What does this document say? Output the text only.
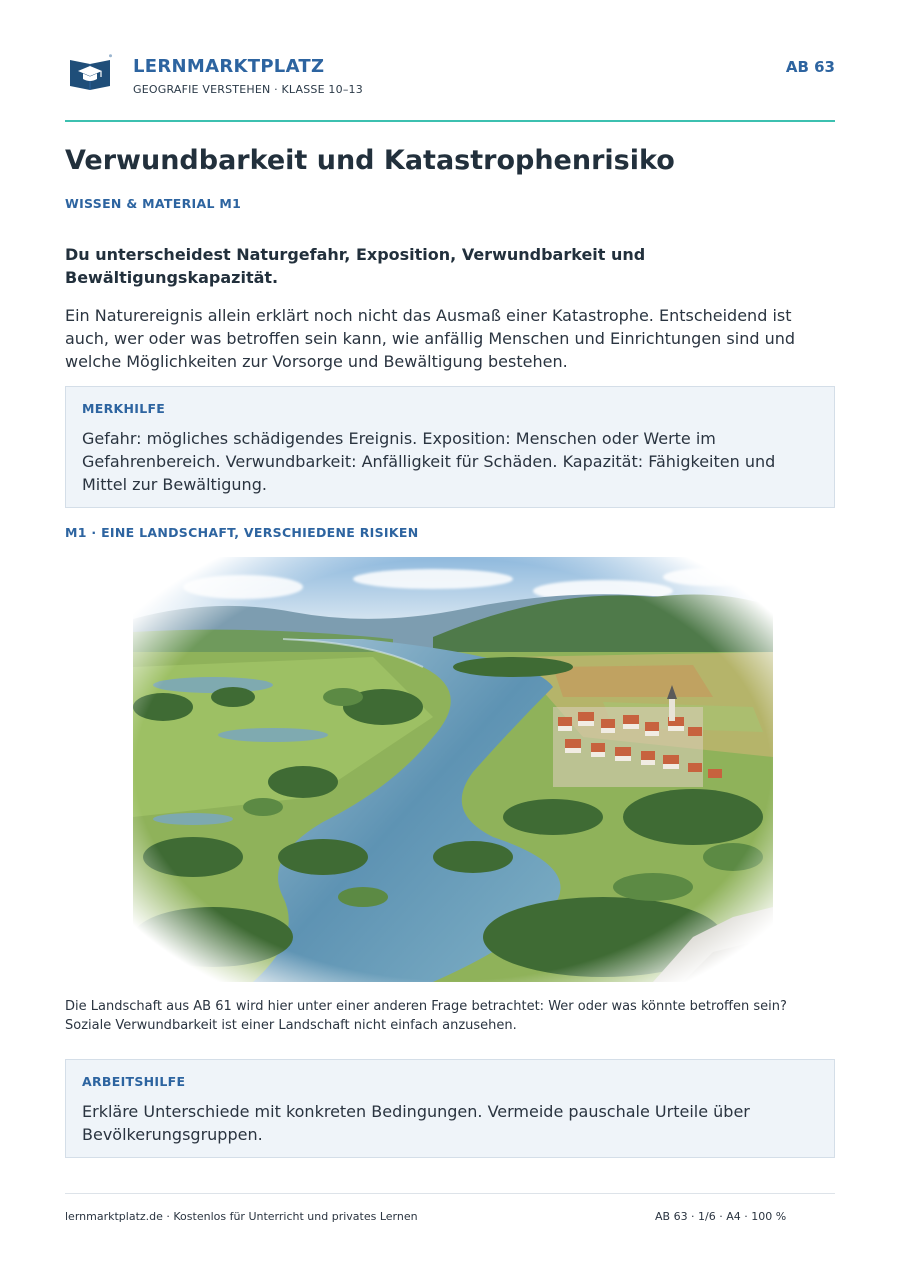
LERNMARKTPLATZ
GEOGRAFIE VERSTEHEN · KLASSE 10–13
AB 63
Verwundbarkeit und Katastrophenrisiko
WISSEN & MATERIAL M1
Du unterscheidest Naturgefahr, Exposition, Verwundbarkeit und Bewältigungskapazität.
Ein Naturereignis allein erklärt noch nicht das Ausmaß einer Katastrophe. Entscheidend ist auch, wer oder was betroffen sein kann, wie anfällig Menschen und Einrichtungen sind und welche Möglichkeiten zur Vorsorge und Bewältigung bestehen.
MERKHILFE
Gefahr: mögliches schädigendes Ereignis. Exposition: Menschen oder Werte im Gefahrenbereich. Verwundbarkeit: Anfälligkeit für Schäden. Kapazität: Fähigkeiten und Mittel zur Bewältigung.
M1 · EINE LANDSCHAFT, VERSCHIEDENE RISIKEN
Die Landschaft aus AB 61 wird hier unter einer anderen Frage betrachtet: Wer oder was könnte betroffen sein? Soziale Verwundbarkeit ist einer Landschaft nicht einfach anzusehen.
ARBEITSHILFE
Erkläre Unterschiede mit konkreten Bedingungen. Vermeide pauschale Urteile über Bevölkerungsgruppen.
lernmarktplatz.de · Kostenlos für Unterricht und privates Lernen	AB 63 · 1/6 · A4 · 100 %
